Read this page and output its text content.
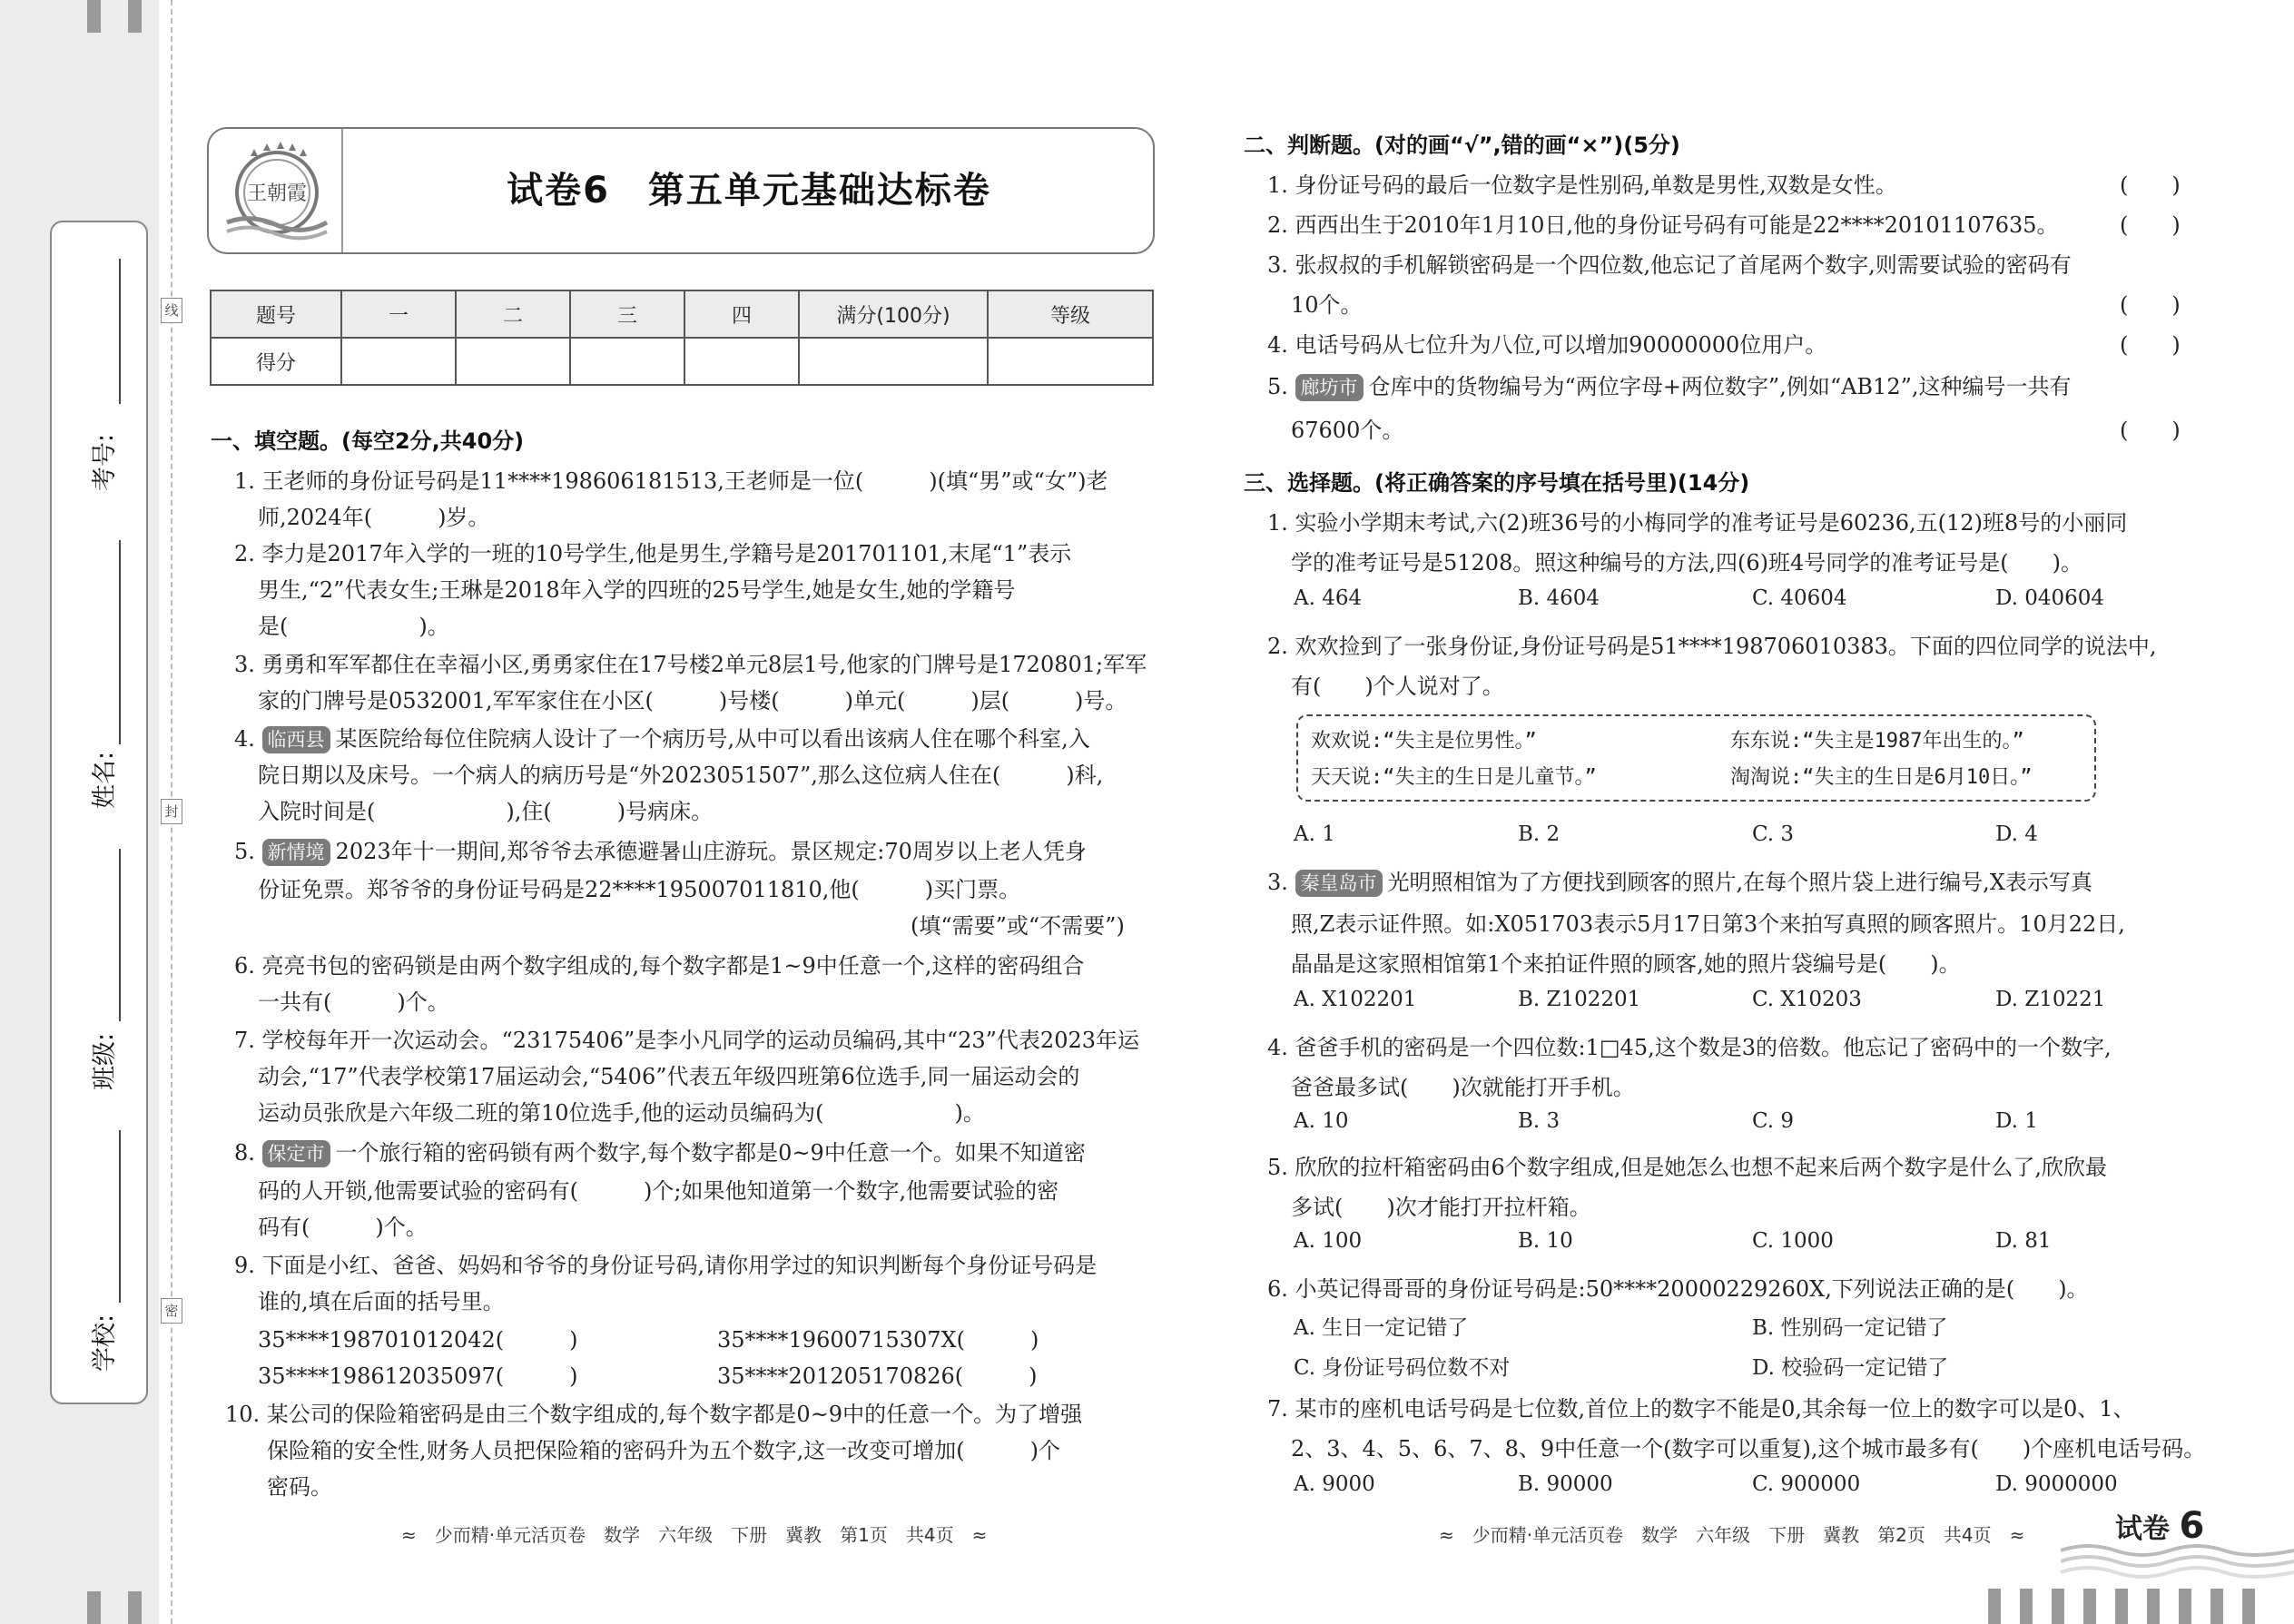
考号:
姓名:
班级:
学校:
线
封
密
王朝霞	试卷6　第五单元基础达标卷
题号	一	二	三	四	满分(100分)	等级
得分						
一、填空题。(每空2分,共40分)
1. 王老师的身份证号码是11****198606181513,王老师是一位(　　　)(填“男”或“女”)老
师,2024年(　　　)岁。
2. 李力是2017年入学的一班的10号学生,他是男生,学籍号是201701101,末尾“1”表示
男生,“2”代表女生;王琳是2018年入学的四班的25号学生,她是女生,她的学籍号
是(　　　　　　)。
3. 勇勇和军军都住在幸福小区,勇勇家住在17号楼2单元8层1号,他家的门牌号是1720801;军军
家的门牌号是0532001,军军家住在小区(　　　)号楼(　　　)单元(　　　)层(　　　)号。
4. 临西县 某医院给每位住院病人设计了一个病历号,从中可以看出该病人住在哪个科室,入
院日期以及床号。一个病人的病历号是“外2023051507”,那么这位病人住在(　　　)科,
入院时间是(　　　　　　),住(　　　)号病床。
5. 新情境 2023年十一期间,郑爷爷去承德避暑山庄游玩。景区规定:70周岁以上老人凭身
份证免票。郑爷爷的身份证号码是22****195007011810,他(　　　)买门票。
(填“需要”或“不需要”)
6. 亮亮书包的密码锁是由两个数字组成的,每个数字都是1~9中任意一个,这样的密码组合
一共有(　　　)个。
7. 学校每年开一次运动会。“23175406”是李小凡同学的运动员编码,其中“23”代表2023年运
动会,“17”代表学校第17届运动会,“5406”代表五年级四班第6位选手,同一届运动会的
运动员张欣是六年级二班的第10位选手,他的运动员编码为(　　　　　　)。
8. 保定市 一个旅行箱的密码锁有两个数字,每个数字都是0~9中任意一个。如果不知道密
码的人开锁,他需要试验的密码有(　　　)个;如果他知道第一个数字,他需要试验的密
码有(　　　)个。
9. 下面是小红、爸爸、妈妈和爷爷的身份证号码,请你用学过的知识判断每个身份证号码是
谁的,填在后面的括号里。
35****198701012042(　　　)	35****19600715307X(　　　)
35****198612035097(　　　)	35****201205170826(　　　)
10. 某公司的保险箱密码是由三个数字组成的,每个数字都是0~9中的任意一个。为了增强
保险箱的安全性,财务人员把保险箱的密码升为五个数字,这一改变可增加(　　　)个
密码。
二、判断题。(对的画“√”,错的画“×”)(5分)
1. 身份证号码的最后一位数字是性别码,单数是男性,双数是女性。	(　　)
2. 西西出生于2010年1月10日,他的身份证号码有可能是22****20101107635。	(　　)
3. 张叔叔的手机解锁密码是一个四位数,他忘记了首尾两个数字,则需要试验的密码有
10个。	(　　)
4. 电话号码从七位升为八位,可以增加90000000位用户。	(　　)
5. 廊坊市 仓库中的货物编号为“两位字母+两位数字”,例如“AB12”,这种编号一共有
67600个。	(　　)
三、选择题。(将正确答案的序号填在括号里)(14分)
1. 实验小学期末考试,六(2)班36号的小梅同学的准考证号是60236,五(12)班8号的小丽同
学的准考证号是51208。照这种编号的方法,四(6)班4号同学的准考证号是(　　)。
A. 464	B. 4604	C. 40604	D. 040604
2. 欢欢捡到了一张身份证,身份证号码是51****198706010383。下面的四位同学的说法中,
有(　　)个人说对了。
欢欢说:“失主是位男性。”	东东说:“失主是1987年出生的。”
天天说:“失主的生日是儿童节。”	淘淘说:“失主的生日是6月10日。”
A. 1	B. 2	C. 3	D. 4
3. 秦皇岛市 光明照相馆为了方便找到顾客的照片,在每个照片袋上进行编号,X表示写真
照,Z表示证件照。如:X051703表示5月17日第3个来拍写真照的顾客照片。10月22日,
晶晶是这家照相馆第1个来拍证件照的顾客,她的照片袋编号是(　　)。
A. X102201	B. Z102201	C. X10203	D. Z10221
4. 爸爸手机的密码是一个四位数:1□45,这个数是3的倍数。他忘记了密码中的一个数字,
爸爸最多试(　　)次就能打开手机。
A. 10	B. 3	C. 9	D. 1
5. 欣欣的拉杆箱密码由6个数字组成,但是她怎么也想不起来后两个数字是什么了,欣欣最
多试(　　)次才能打开拉杆箱。
A. 100	B. 10	C. 1000	D. 81
6. 小英记得哥哥的身份证号码是:50****20000229260X,下列说法正确的是(　　)。
A. 生日一定记错了	B. 性别码一定记错了
C. 身份证号码位数不对	D. 校验码一定记错了
7. 某市的座机电话号码是七位数,首位上的数字不能是0,其余每一位上的数字可以是0、1、
2、3、4、5、6、7、8、9中任意一个(数字可以重复),这个城市最多有(　　)个座机电话号码。
A. 9000	B. 90000	C. 900000	D. 9000000
≈　少而精·单元活页卷　数学　六年级　下册　冀教　第1页　共4页　≈	≈　少而精·单元活页卷　数学　六年级　下册　冀教　第2页　共4页　≈	试卷 6
